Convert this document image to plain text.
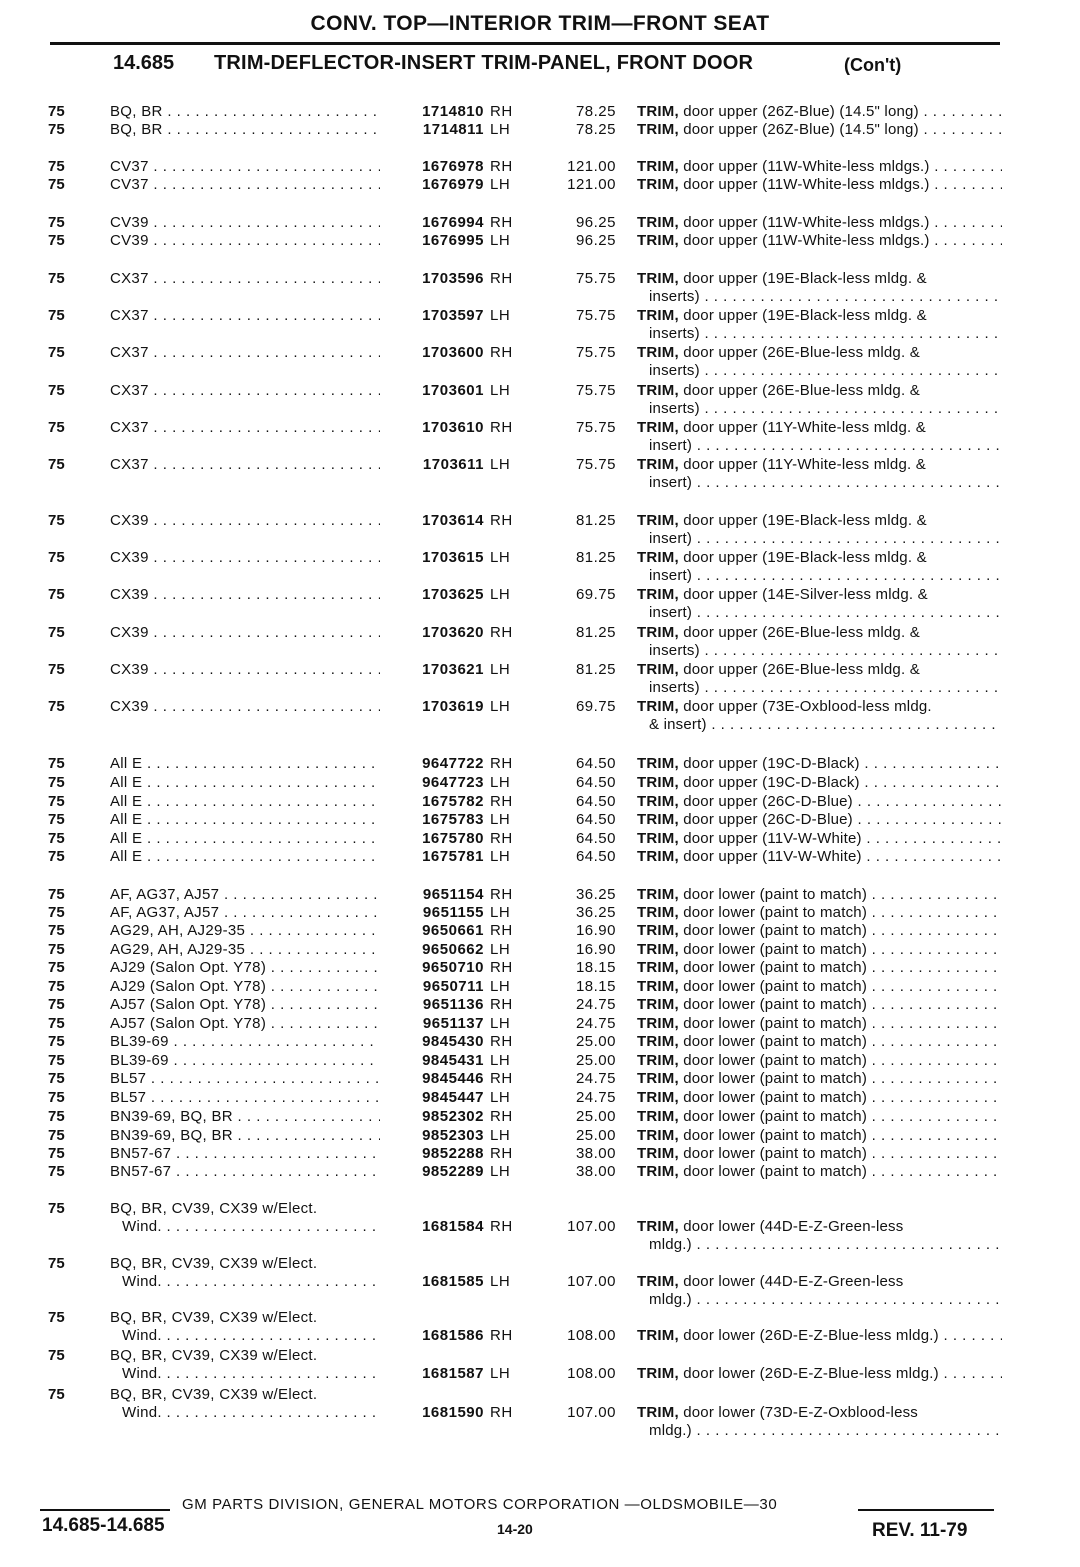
CONV. TOP—INTERIOR TRIM—FRONT SEAT
14.685 TRIM-DEFLECTOR-INSERT TRIM-PANEL, FRONT DOOR	(Con't)
75	BQ, BR . . .	1714810 RH	78.25 TRIM, door upper (26Z-Blue) (14.5" long) . . .
75	BQ, BR . . .	1714811 LH	78.25 TRIM, door upper (26Z-Blue) (14.5" long) . . .
75	CV37 . . .	1676978 RH	121.00 TRIM, door upper (11W-White-less mldgs.) . . .
75	CV37 . . .	1676979 LH	121.00 TRIM, door upper (11W-White-less mldgs.) . . .
75	CV39 . . .	1676994 RH	96.25 TRIM, door upper (11W-White-less mldgs.) . . .
75	CV39 . . .	1676995 LH	96.25 TRIM, door upper (11W-White-less mldgs.) . . .
75	CX37 . . .	1703596 RH	75.75 TRIM, door upper (19E-Black-less mldg. &
inserts) . . .
75	CX37 . . .	1703597 LH	75.75 TRIM, door upper (19E-Black-less mldg. &
inserts) . . .
75	CX37 . . .	1703600 RH	75.75 TRIM, door upper (26E-Blue-less mldg. &
inserts) . . .
75	CX37 . . .	1703601 LH	75.75 TRIM, door upper (26E-Blue-less mldg. &
inserts) . . .
75	CX37 . . .	1703610 RH	75.75 TRIM, door upper (11Y-White-less mldg. &
insert) . . .
75	CX37 . . .	1703611 LH	75.75 TRIM, door upper (11Y-White-less mldg. &
insert) . . .
75	CX39 . . .	1703614 RH	81.25 TRIM, door upper (19E-Black-less mldg. &
insert) . . .
75	CX39 . . .	1703615 LH	81.25 TRIM, door upper (19E-Black-less mldg. &
insert) . . .
75	CX39 . . .	1703625 LH	69.75 TRIM, door upper (14E-Silver-less mldg. &
insert) . . .
75	CX39 . . .	1703620 RH	81.25 TRIM, door upper (26E-Blue-less mldg. &
inserts) . . .
75	CX39 . . .	1703621 LH	81.25 TRIM, door upper (26E-Blue-less mldg. &
inserts) . . .
75	CX39 . . .	1703619 LH	69.75 TRIM, door upper (73E-Oxblood-less mldg.
& insert) . . .
75	All E . . .	9647722 RH	64.50 TRIM, door upper (19C-D-Black) . . .
75	All E . . .	9647723 LH	64.50 TRIM, door upper (19C-D-Black) . . .
75	All E . . .	1675782 RH	64.50 TRIM, door upper (26C-D-Blue) . . .
75	All E . . .	1675783 LH	64.50 TRIM, door upper (26C-D-Blue) . . .
75	All E . . .	1675780 RH	64.50 TRIM, door upper (11V-W-White) . . .
75	All E . . .	1675781 LH	64.50 TRIM, door upper (11V-W-White) . . .
75	AF, AG37, AJ57 . . .	9651154 RH	36.25 TRIM, door lower (paint to match) . . .
75	AF, AG37, AJ57 . . .	9651155 LH	36.25 TRIM, door lower (paint to match) . . .
75	AG29, AH, AJ29-35 . . .	9650661 RH	16.90 TRIM, door lower (paint to match) . . .
75	AG29, AH, AJ29-35 . . .	9650662 LH	16.90 TRIM, door lower (paint to match) . . .
75	AJ29 (Salon Opt. Y78) . . .	9650710 RH	18.15 TRIM, door lower (paint to match) . . .
75	AJ29 (Salon Opt. Y78) . . .	9650711 LH	18.15 TRIM, door lower (paint to match) . . .
75	AJ57 (Salon Opt. Y78) . . .	9651136 RH	24.75 TRIM, door lower (paint to match) . . .
75	AJ57 (Salon Opt. Y78) . . .	9651137 LH	24.75 TRIM, door lower (paint to match) . . .
75	BL39-69 . . .	9845430 RH	25.00 TRIM, door lower (paint to match) . . .
75	BL39-69 . . .	9845431 LH	25.00 TRIM, door lower (paint to match) . . .
75	BL57 . . .	9845446 RH	24.75 TRIM, door lower (paint to match) . . .
75	BL57 . . .	9845447 LH	24.75 TRIM, door lower (paint to match) . . .
75	BN39-69, BQ, BR . . .	9852302 RH	25.00 TRIM, door lower (paint to match) . . .
75	BN39-69, BQ, BR . . .	9852303 LH	25.00 TRIM, door lower (paint to match) . . .
75	BN57-67 . . .	9852288 RH	38.00 TRIM, door lower (paint to match) . . .
75	BN57-67 . . .	9852289 LH	38.00 TRIM, door lower (paint to match) . . .
75	BQ, BR, CV39, CX39 w/Elect.
Wind. . . .	1681584 RH	107.00 TRIM, door lower (44D-E-Z-Green-less
mldg.) . . .
75	BQ, BR, CV39, CX39 w/Elect.
Wind. . . .	1681585 LH	107.00 TRIM, door lower (44D-E-Z-Green-less
mldg.) . . .
75	BQ, BR, CV39, CX39 w/Elect.
Wind. . . .	1681586 RH	108.00 TRIM, door lower (26D-E-Z-Blue-less mldg.) . . .
75	BQ, BR, CV39, CX39 w/Elect.
Wind. . . .	1681587 LH	108.00 TRIM, door lower (26D-E-Z-Blue-less mldg.) . . .
75	BQ, BR, CV39, CX39 w/Elect.
Wind. . . .	1681590 RH	107.00 TRIM, door lower (73D-E-Z-Oxblood-less
mldg.) . . .
GM PARTS DIVISION, GENERAL MOTORS CORPORATION —OLDSMOBILE—30
14.685-14.685	14-20	REV. 11-79
